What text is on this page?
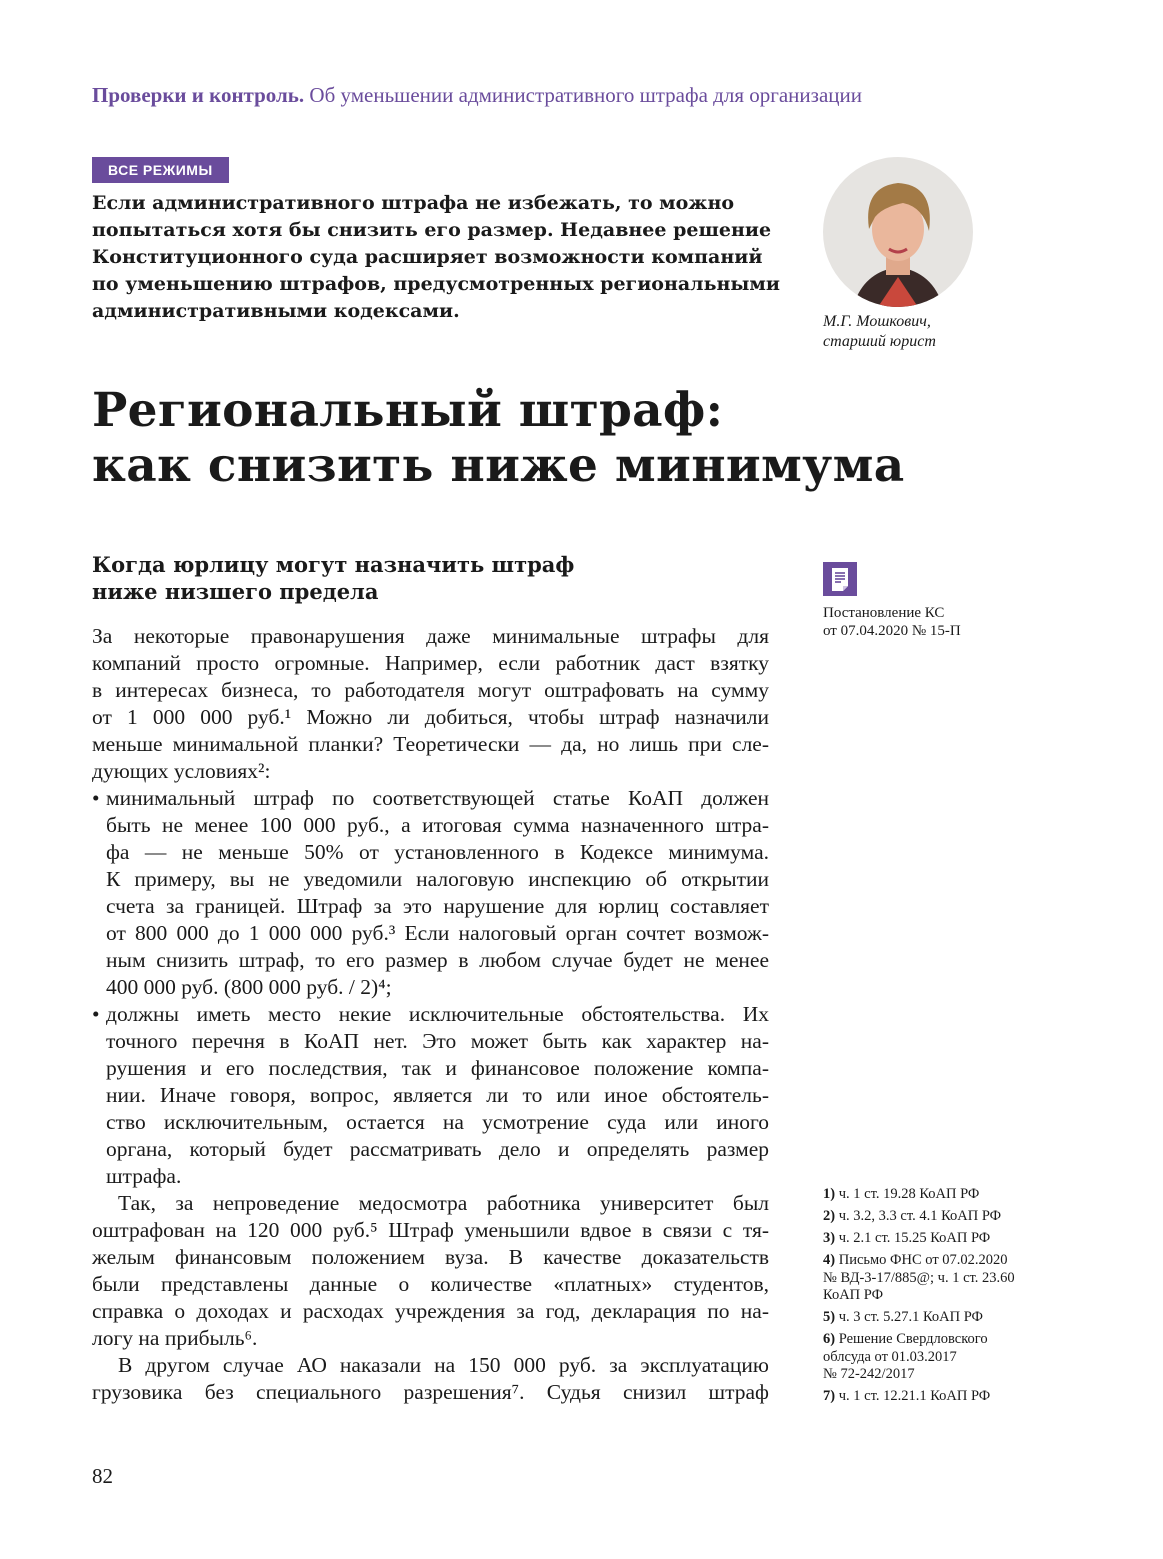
Проверки и контроль. Об уменьшении административного штрафа для организации
ВСЕ РЕЖИМЫ
Если административного штрафа не избежать, то можно попытаться хотя бы снизить его размер. Недавнее решение Конституционного суда расширяет возможности компаний по уменьшению штрафов, предусмотренных региональными административными кодексами.	М.Г. Мошкович,
старший юрист
Региональный штраф:
как снизить ниже минимума
Когда юрлицу могут назначить штраф
ниже низшего предела
За некоторые правонарушения даже минимальные штрафы для
компаний просто огромные. Например, если работник даст взятку
в интересах бизнеса, то работодателя могут оштрафовать на сумму
от 1 000 000 руб.¹ Можно ли добиться, чтобы штраф назначили
меньше минимальной планки? Теоретически — да, но лишь при сле-
дующих условиях²:
• минимальный штраф по соответствующей статье КоАП должен
быть не менее 100 000 руб., а итоговая сумма назначенного штра-
фа — не меньше 50% от установленного в Кодексе минимума.
К примеру, вы не уведомили налоговую инспекцию об открытии
счета за границей. Штраф за это нарушение для юрлиц составляет
от 800 000 до 1 000 000 руб.³ Если налоговый орган сочтет возмож-
ным снизить штраф, то его размер в любом случае будет не менее
400 000 руб. (800 000 руб. / 2)⁴;
• должны иметь место некие исключительные обстоятельства. Их
точного перечня в КоАП нет. Это может быть как характер на-
рушения и его последствия, так и финансовое положение компа-
нии. Иначе говоря, вопрос, является ли то или иное обстоятель-
ство исключительным, остается на усмотрение суда или иного
органа, который будет рассматривать дело и определять размер
штрафа.
Так, за непроведение медосмотра работника университет был
оштрафован на 120 000 руб.⁵ Штраф уменьшили вдвое в связи с тя-
желым финансовым положением вуза. В качестве доказательств
были представлены данные о количестве «платных» студентов,
справка о доходах и расходах учреждения за год, декларация по на-
логу на прибыль⁶.
В другом случае АО наказали на 150 000 руб. за эксплуатацию
грузовика без специального разрешения⁷. Судья снизил штраф
Постановление КС
от 07.04.2020 № 15-П
1) ч. 1 ст. 19.28 КоАП РФ
2) ч. 3.2, 3.3 ст. 4.1 КоАП РФ
3) ч. 2.1 ст. 15.25 КоАП РФ
4) Письмо ФНС от 07.02.2020
№ ВД-3-17/885@; ч. 1 ст. 23.60
КоАП РФ
5) ч. 3 ст. 5.27.1 КоАП РФ
6) Решение Свердловского
облсуда от 01.03.2017
№ 72-242/2017
7) ч. 1 ст. 12.21.1 КоАП РФ
82
